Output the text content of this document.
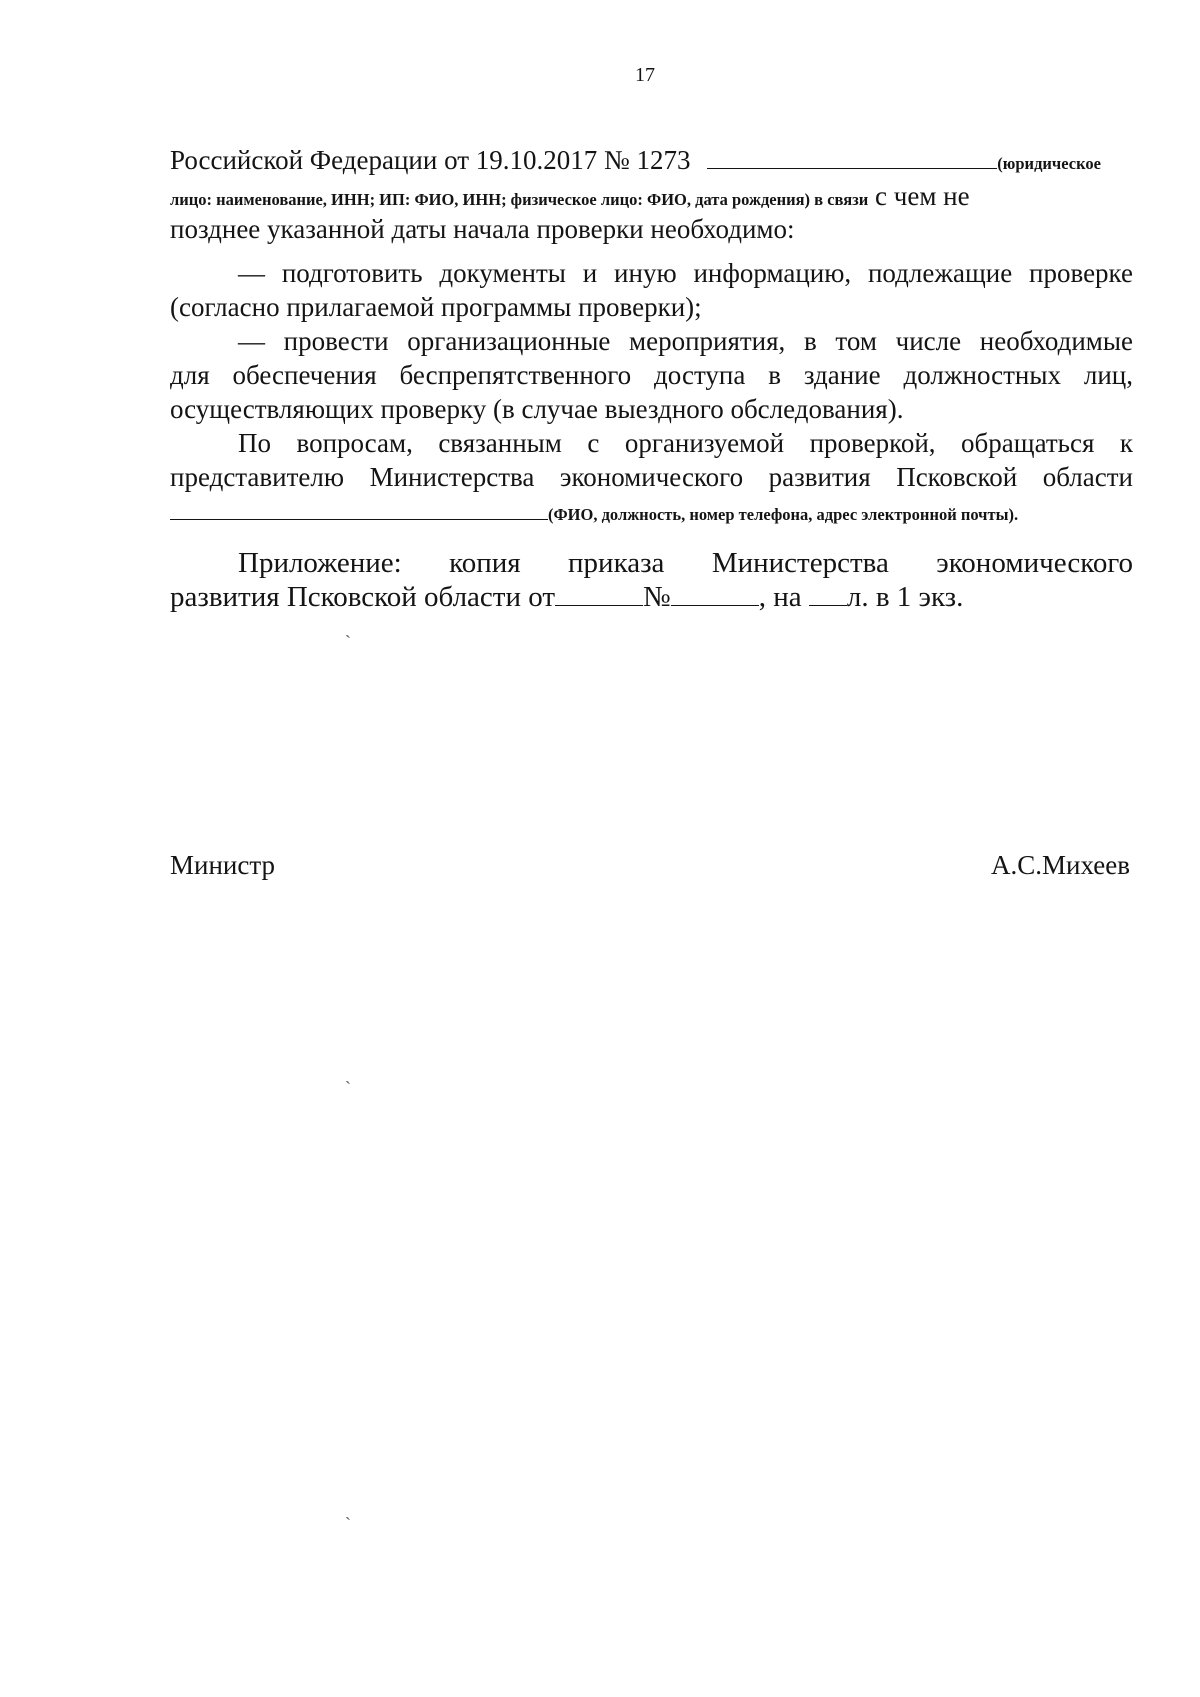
17
Российской Федерации от 19.10.2017 № 1273	(юридическое
лицо: наименование, ИНН; ИП: ФИО, ИНН; физическое лицо: ФИО, дата рождения) в связи с чем не
позднее указанной даты начала проверки необходимо:
— подготовить документы и иную информацию, подлежащие проверке
(согласно прилагаемой программы проверки);
— провести организационные мероприятия, в том числе необходимые
для обеспечения беспрепятственного доступа в здание должностных лиц,
осуществляющих проверку (в случае выездного обследования).
По вопросам, связанным с организуемой проверкой, обращаться к
представителю Министерства экономического развития Псковской области
(ФИО, должность, номер телефона, адрес электронной почты).
Приложение: копия приказа Министерства экономического
развития Псковской области от	№	, на л. в 1 экз.
Министр	А.С.Михеев
`
`
`
